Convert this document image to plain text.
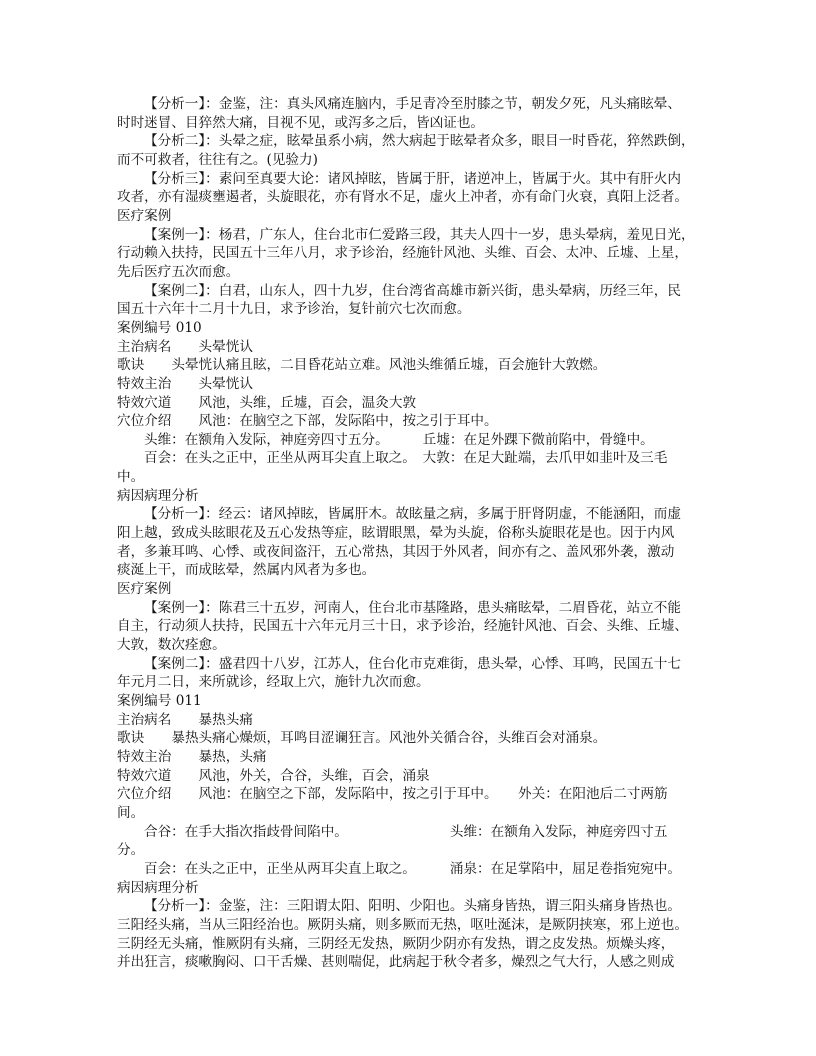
【分析一】：金鉴，注：真头风痛连脑内，手足青冷至肘膝之节，朝发夕死，凡头痛眩晕、
时时迷冒、目猝然大痛，目视不见，或泻多之后，皆凶证也。
【分析二】：头晕之症，眩晕虽系小病，然大病起于眩晕者众多，眼目一时昏花，猝然跌倒，
而不可救者，往往有之。(见验力)
【分析三】：素问至真要大论：诸风掉眩，皆属于肝，诸逆冲上，皆属于火。其中有肝火内
攻者，亦有湿痰壅遏者，头旋眼花，亦有肾水不足，虚火上冲者，亦有命门火衰，真阳上泛者。
医疗案例
【案例一】：杨君，广东人，住台北市仁爱路三段，其夫人四十一岁，患头晕病，羞见日光，
行动赖入扶持，民国五十三年八月，求予诊治，经施针风池、头维、百会、太冲、丘墟、上星，
先后医疗五次而愈。
【案例二】：白君，山东人，四十九岁，住台湾省高雄市新兴街，患头晕病，历经三年，民
国五十六年十二月十九日，求予诊治，复针前穴七次而愈。
案例编号 010
主治病名　　头晕恍认
歌诀　　头晕恍认痛且眩，二目昏花站立难。风池头维循丘墟，百会施针大敦燃。
特效主治　　头晕恍认
特效穴道　　风池，头维，丘墟，百会，温灸大敦
穴位介绍　　风池：在脑空之下部，发际陷中，按之引于耳中。
头维：在额角入发际，神庭旁四寸五分。　　　丘墟：在足外踝下微前陷中，骨缝中。
百会：在头之正中，正坐从两耳尖直上取之。　大敦：在足大趾端，去爪甲如韭叶及三毛
中。
病因病理分析
【分析一】：经云：诸风掉眩，皆属肝木。故眩量之病，多属于肝肾阴虚，不能涵阳，而虚
阳上越，致成头眩眼花及五心发热等症，眩谓眼黑，晕为头旋，俗称头旋眼花是也。因于内风
者，多兼耳鸣、心悸、或夜间盗汗，五心常热，其因于外风者，间亦有之、盖风邪外袭，激动
痰涎上干，而成眩晕，然属内风者为多也。
医疗案例
【案例一】：陈君三十五岁，河南人，住台北市基隆路，患头痛眩晕，二眉昏花，站立不能
自主，行动须人扶持，民国五十六年元月三十日，求予诊治，经施针风池、百会、头维、丘墟、
大敦，数次痊愈。
【案例二】：盛君四十八岁，江苏人，住台化市克难街，患头晕，心悸、耳鸣，民国五十七
年元月二日，来所就诊，经取上穴，施针九次而愈。
案例编号 011
主治病名　　暴热头痛
歌诀　　暴热头痛心燥烦，耳鸣目涩谰狂言。风池外关循合谷，头维百会对涌泉。
特效主治　　暴热，头痛
特效穴道　　风池，外关，合谷，头维，百会，涌泉
穴位介绍　　风池：在脑空之下部，发际陷中，按之引于耳中。　　外关：在阳池后二寸两筋
间。
合谷：在手大指次指歧骨间陷中。　　　　　　　　头维：在额角入发际，神庭旁四寸五
分。
百会：在头之正中，正坐从两耳尖直上取之。　　　涌泉：在足掌陷中，屈足卷指宛宛中。
病因病理分析
【分析一】：金鉴，注：三阳谓太阳、阳明、少阳也。头痛身皆热，谓三阳头痛身皆热也。
三阳经头痛，当从三阳经治也。厥阴头痛，则多厥而无热，呕吐涎沫，是厥阴挟寒，邪上逆也。
三阴经无头痛，惟厥阴有头痛，三阴经无发热，厥阴少阴亦有发热，谓之皮发热。烦燥头疼，
并出狂言，痰嗽胸闷、口干舌燥、甚则喘促，此病起于秋令者多，燥烈之气大行，人感之则成
